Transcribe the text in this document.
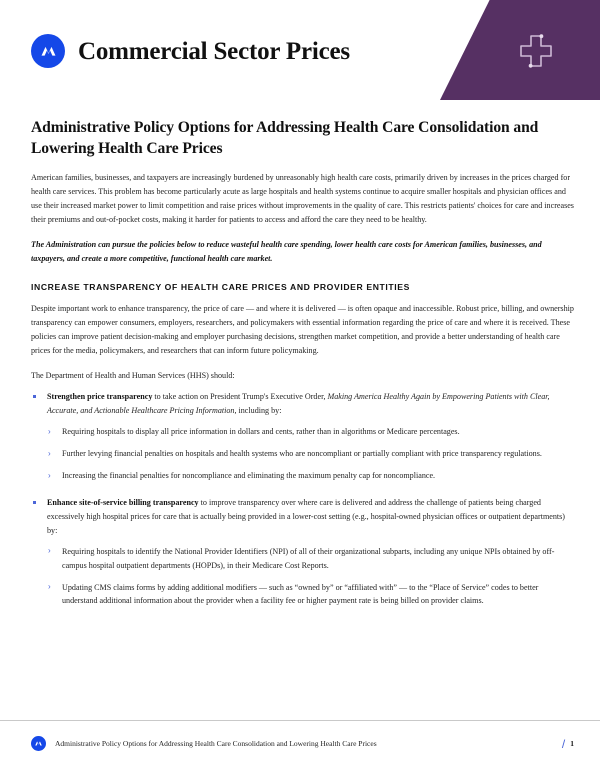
Commercial Sector Prices
Administrative Policy Options for Addressing Health Care Consolidation and Lowering Health Care Prices

American families, businesses, and taxpayers are increasingly burdened by unreasonably high health care costs, primarily driven by increases in the prices charged for health care services. This problem has become particularly acute as large hospitals and health systems continue to acquire smaller hospitals and physician offices and use their increased market power to limit competition and raise prices without improvements in the quality of care. This restricts patients' choices for care and increases their premiums and out-of-pocket costs, making it harder for patients to access and afford the care they need to be healthy.

The Administration can pursue the policies below to reduce wasteful health care spending, lower health care costs for American families, businesses, and taxpayers, and create a more competitive, functional health care market.

INCREASE TRANSPARENCY OF HEALTH CARE PRICES AND PROVIDER ENTITIES

Despite important work to enhance transparency, the price of care — and where it is delivered — is often opaque and inaccessible. Robust price, billing, and ownership transparency can empower consumers, employers, researchers, and policymakers with essential information regarding the price of care and where it is received. These policies can improve patient decision-making and employer purchasing decisions, strengthen market competition, and provide a better understanding of health care prices for the media, policymakers, and researchers that can inform future policymaking.

The Department of Health and Human Services (HHS) should:

Strengthen price transparency to take action on President Trump's Executive Order, Making America Healthy Again by Empowering Patients with Clear, Accurate, and Actionable Healthcare Pricing Information, including by:
› Requiring hospitals to display all price information in dollars and cents, rather than in algorithms or Medicare percentages.
› Further levying financial penalties on hospitals and health systems who are noncompliant or partially compliant with price transparency regulations.
› Increasing the financial penalties for noncompliance and eliminating the maximum penalty cap for noncompliance.
Enhance site-of-service billing transparency to improve transparency over where care is delivered and address the challenge of patients being charged excessively high hospital prices for care that is actually being provided in a lower-cost setting (e.g., hospital-owned physician offices or outpatient departments) by:
› Requiring hospitals to identify the National Provider Identifiers (NPI) of all of their organizational subparts, including any unique NPIs obtained by off-campus hospital outpatient departments (HOPDs), in their Medicare Cost Reports.
› Updating CMS claims forms by adding additional modifiers — such as “owned by” or “affiliated with” — to the “Place of Service” codes to better understand additional information about the provider when a facility fee or higher payment rate is being billed on provider claims.
Administrative Policy Options for Addressing Health Care Consolidation and Lowering Health Care Prices	/ 1
